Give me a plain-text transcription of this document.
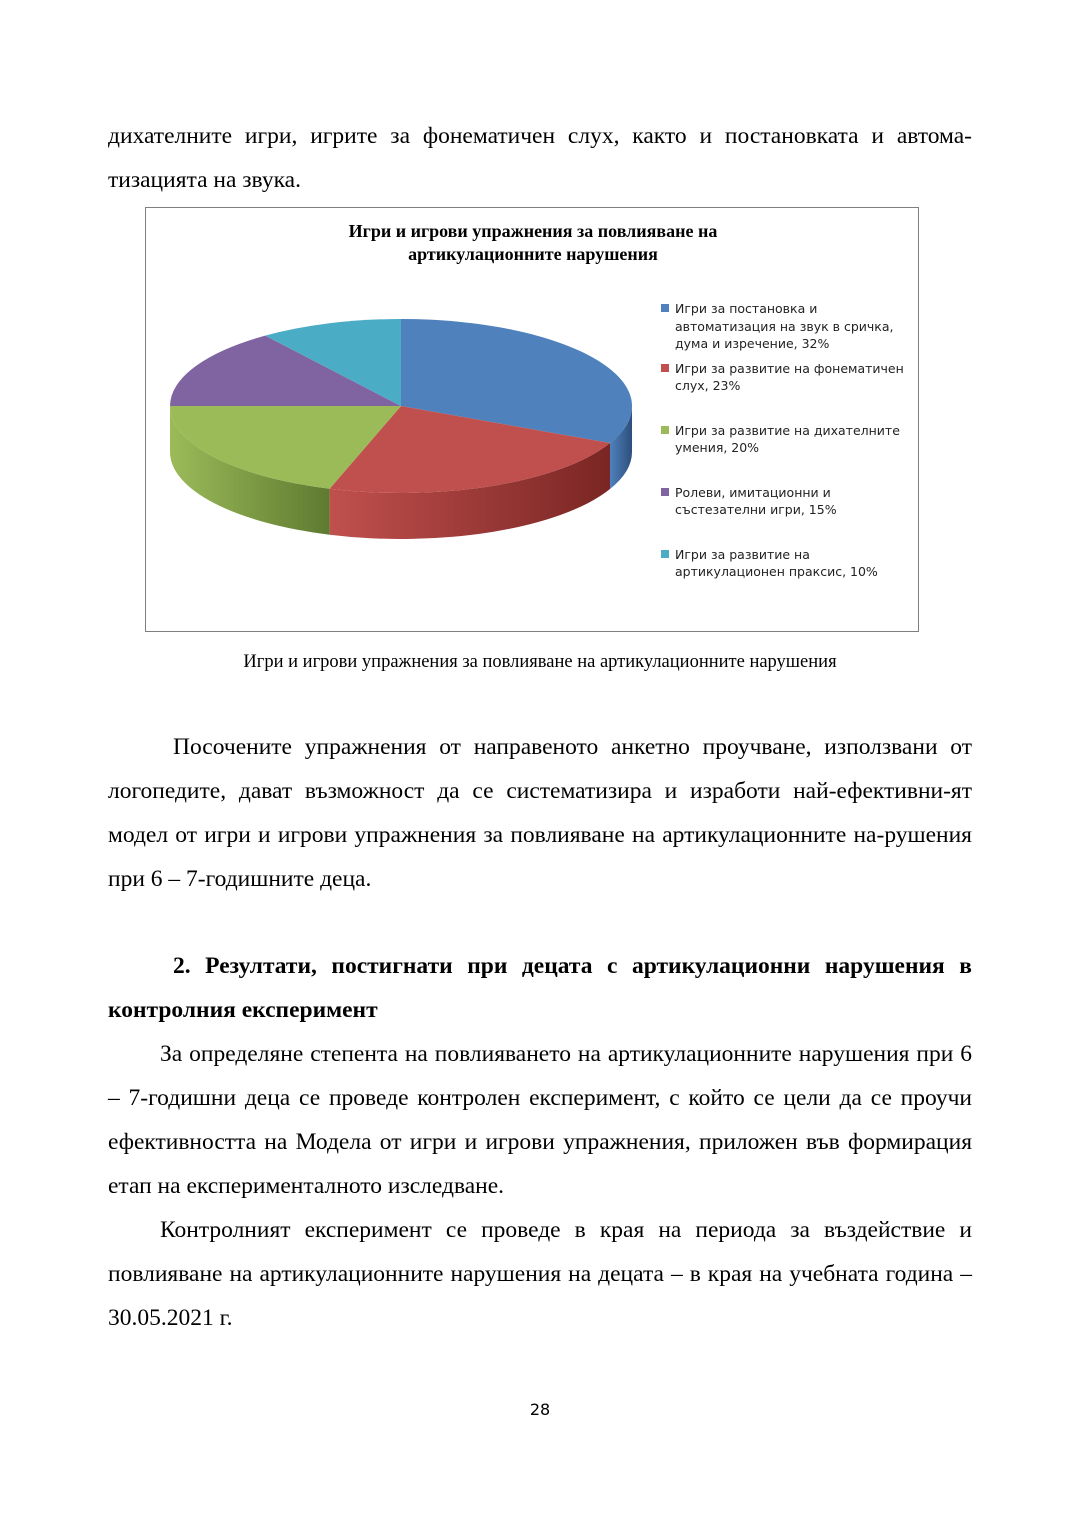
дихателните игри, игрите за фонематичен слух, както и постановката и автома-
тизацията на звука.
Игри и игрови упражнения за повлияване на
артикулационните нарушения
Игри за постановка и
автоматизация на звук в сричка,
дума и изречение, 32%
Игри за развитие на фонематичен
слух, 23%
Игри за развитие на дихателните
умения, 20%
Ролеви, имитационни и
състезателни игри, 15%
Игри за развитие на
артикулационен праксис, 10%
Игри и игрови упражнения за повлияване на артикулационните нарушения
Посочените упражнения от направеното анкетно проучване, използвани от логопедите, дават възможност да се систематизира и изработи най-ефективни-ят модел от игри и игрови упражнения за повлияване на артикулационните на-рушения при 6 – 7-годишните деца.
2. Резултати, постигнати при децата с артикулационни нарушения в контролния експеримент
За определяне степента на повлияването на артикулационните нарушения при 6 – 7-годишни деца се проведе контролен експеримент, с който се цели да се проучи ефективността на Модела от игри и игрови упражнения, приложен във формирация етап на експерименталното изследване.
Контролният експеримент се проведе в края на периода за въздействие и повлияване на артикулационните нарушения на децата – в края на учебната година – 30.05.2021 г.
28
